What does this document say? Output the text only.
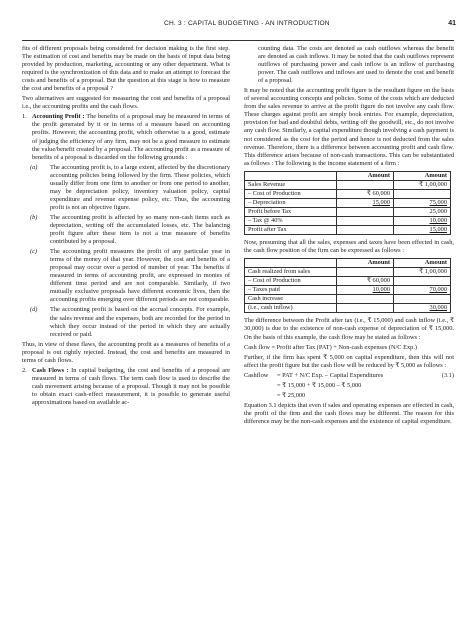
CH. 3 : CAPITAL BUDGETING - AN INTRODUCTION	41

fits of different proposals being considered for decision making is the first step. The estimation of cost and benefits may be made on the basis of input data being provided by production, marketing, accounting or any other department. What is required is the synchronization of this data and to make an attempt to forecast the costs and benefits of a proposal. But the question at this stage is how to measure the cost and benefits of a proposal ?

Two alternatives are suggested for measuring the cost and benefits of a proposal i.e., the accounting profits and the cash flows.

1. Accounting Profit : The benefits of a proposal may be measured in terms of the profit generated by it or in terms of a measure based on accounting profits. However, the accounting profit, which otherwise is a good, estimate of judging the efficiency of any firm, may not be a good measure to estimate the value/benefit created by a proposal. The accounting profit as a measure of benefits of a proposal is discarded on the following grounds :
(a) The accounting profit is, to a large extent, affected by the discretionary accounting policies being followed by the firm. These policies, which usually differ from one firm to another or from one period to another, may be depreciation policy, inventory valuation policy, capital expenditure and revenue expense policy, etc. Thus, the accounting profit is not an objective figure.
(b) The accounting profit is affected by so many non-cash items such as depreciation, writing off the accumulated losses, etc. The balancing profit figure after these item is not a true measure of benefits contributed by a proposal.
(c) The accounting profit measures the profit of any particular year in terms of the money of that year. However, the cost and benefits of a proposal may occur over a period of number of year. The benefits if measured in terms of accounting profit, are expressed in monies of different time period and are not comparable. Similarly, if two mutually exclusive proposals have different economic lives, then the accounting profits emerging over different periods are not comparable.
(d) The accounting profit is based on the accrual concepts. For example, the sales revenue and the expenses, both are recorded for the period in which they occur instead of the period in which they are actually received or paid.

Thus, in view of these flaws, the accounting profit as a measures of benefits of a proposal is out rightly rejected. Instead, the cost and benefits are measured in terms of cash flows.

2. Cash Flows : In capital budgeting, the cost and benefits of a proposal are measured in terms of cash flows. The term cash flow is used to describe the cash movement arising because of a proposal. Though it may not be possible to obtain exact cash-effect measurement, it is possible to generate useful approximations based on available ac-

counting data. The costs are denoted as cash outflows whereas the benefit are denoted as cash inflows. It may be noted that the cash outflows represent outflows of purchasing power and cash inflow is an inflow of purchasing power. The cash outflows and inflows are used to denote the cost and benefit of a proposal.

It may be noted that the accounting profit figure is the resultant figure on the basis of several accounting concepts and policies. Some of the costs which are deducted from the sales revenue to arrive at the profit figure do not involve any cash flow. These charges against profit are simply book entries. For example, depreciation, provision for bad and doubtful debts, writing off the goodwill, etc., do not involve any cash flow. Similarly, a capital expenditure though involving a cash payment is not considered as the cost for the period and hence is not deducted from the sales revenue. Therefore, there is a difference between accounting profit and cash flow. This difference arises because of non-cash transactions. This can be substantiated as follows : The following is the income statement of a firm :

	Amount	Amount
Sales Revenue		₹ 1,00,000
– Cost of Production	₹ 60,000	
– Depreciation	15,000	75,000
Profit before Tax		25,000
– Tax @ 40%		10,000
Profit after Tax		15,000

Now, presuming that all the sales, expenses and taxes have been effected in cash, the cash flow position of the firm can be expressed as follows :

	Amount	Amount
Cash realized from sales		₹ 1,00,000
– Cost of Production	₹ 60,000	
– Taxes paid	10,000	70,000
Cash increase		
(i.e., cash inflow)		30,000

The difference between the Profit after tax (i.e., ₹ 15,000) and cash inflow (i.e., ₹ 30,000) is due to the existence of non-cash expense of depreciation of ₹ 15,000. On the basis of this example, the cash flow may be stated as follows :

Cash flow = Profit after Tax (PAT) + Non-cash expenses (N/C Exp.)

Further, if the firm has spent ₹ 5,000 on capital expenditure, then this will not affect the profit figure but the cash flow will be reduced by ₹ 5,000 as follows :

Cashflow = PAT + N/C Exp. – Capital Expenditures	(3.1)

= ₹ 15,000 + ₹ 15,000 – ₹ 5,000

= ₹ 25,000

Equation 3.1 depicts that even if sales and operating expenses are effected in cash, the profit of the firm and the cash flows may be different. The reason for this difference may be the non-cash expenses and the existence of capital expenditure.
